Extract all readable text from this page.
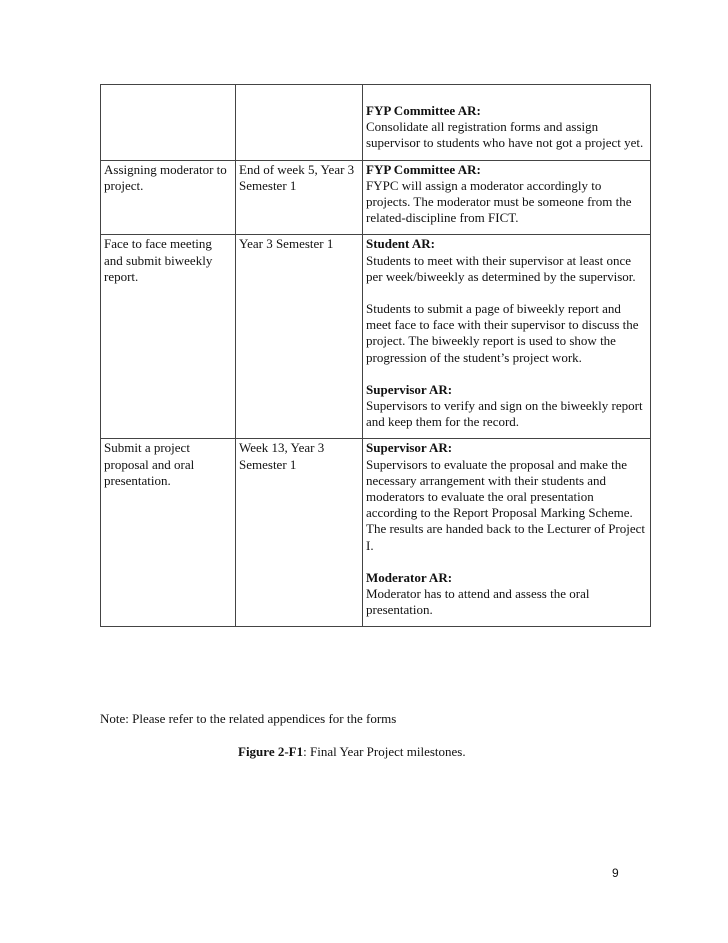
		FYP Committee AR:
Consolidate all registration forms and assign supervisor to students who have not got a project yet.

Assigning moderator to project.	End of week 5, Year 3 Semester 1	FYP Committee AR:
FYPC will assign a moderator accordingly to projects. The moderator must be someone from the related-discipline from FICT.

Face to face meeting and submit biweekly report.	Year 3 Semester 1	Student AR:
Students to meet with their supervisor at least once per week/biweekly as determined by the supervisor.
Students to submit a page of biweekly report and meet face to face with their supervisor to discuss the project. The biweekly report is used to show the progression of the student’s project work.
Supervisor AR:
Supervisors to verify and sign on the biweekly report and keep them for the record.

Submit a project proposal and oral presentation.	Week 13, Year 3 Semester 1	Supervisor AR:
Supervisors to evaluate the proposal and make the necessary arrangement with their students and moderators to evaluate the oral presentation according to the Report Proposal Marking Scheme. The results are handed back to the Lecturer of Project I.
Moderator AR:
Moderator has to attend and assess the oral presentation.
Note: Please refer to the related appendices for the forms
Figure 2-F1: Final Year Project milestones.
9
